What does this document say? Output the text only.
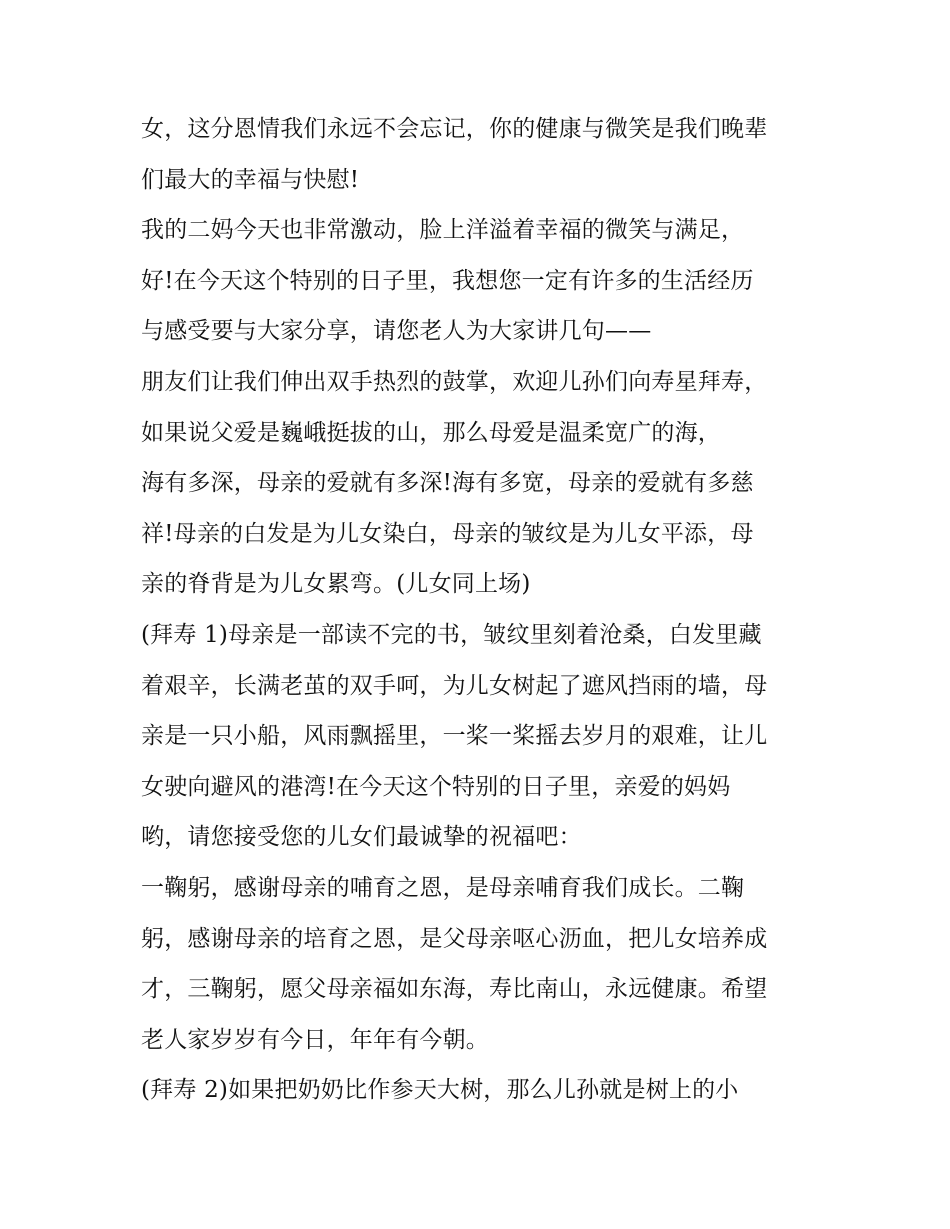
女，这分恩情我们永远不会忘记，你的健康与微笑是我们晚辈
们最大的幸福与快慰!
我的二妈今天也非常激动，脸上洋溢着幸福的微笑与满足，
好!在今天这个特别的日子里，我想您一定有许多的生活经历
与感受要与大家分享，请您老人为大家讲几句——
朋友们让我们伸出双手热烈的鼓掌，欢迎儿孙们向寿星拜寿，
如果说父爱是巍峨挺拔的山，那么母爱是温柔宽广的海，
海有多深，母亲的爱就有多深!海有多宽，母亲的爱就有多慈
祥!母亲的白发是为儿女染白，母亲的皱纹是为儿女平添，母
亲的脊背是为儿女累弯。(儿女同上场)
(拜寿 1)母亲是一部读不完的书，皱纹里刻着沧桑，白发里藏
着艰辛，长满老茧的双手呵，为儿女树起了遮风挡雨的墙，母
亲是一只小船，风雨飘摇里，一桨一桨摇去岁月的艰难，让儿
女驶向避风的港湾!在今天这个特别的日子里，亲爱的妈妈
哟，请您接受您的儿女们最诚挚的祝福吧：
一鞠躬，感谢母亲的哺育之恩，是母亲哺育我们成长。二鞠
躬，感谢母亲的培育之恩，是父母亲呕心沥血，把儿女培养成
才，三鞠躬，愿父母亲福如东海，寿比南山，永远健康。希望
老人家岁岁有今日，年年有今朝。
(拜寿 2)如果把奶奶比作参天大树，那么儿孙就是树上的小
